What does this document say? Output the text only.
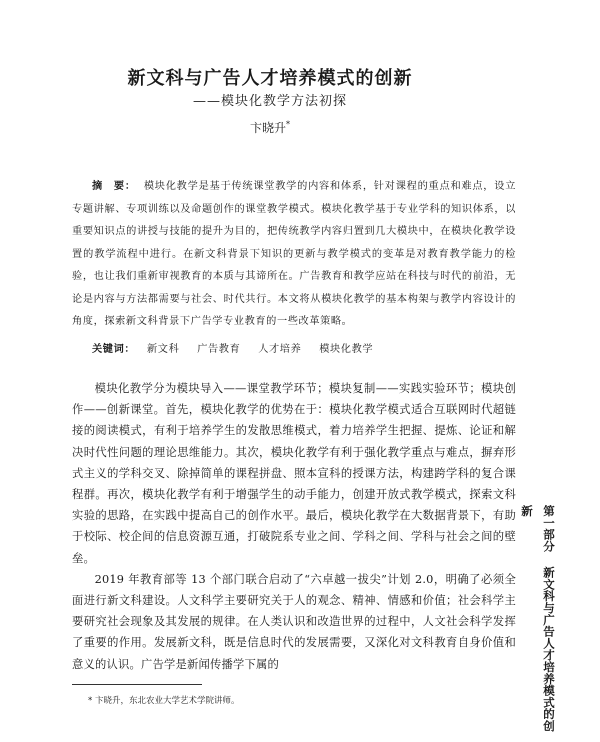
新文科与广告人才培养模式的创新
——模块化教学方法初探
卞晓升*
摘　要： 模块化教学是基于传统课堂教学的内容和体系，针对课程的重点和难点，设立专题讲解、专项训练以及命题创作的课堂教学模式。模块化教学基于专业学科的知识体系，以重要知识点的讲授与技能的提升为目的，把传统教学内容归置到几大模块中，在模块化教学设置的教学流程中进行。在新文科背景下知识的更新与教学模式的变革是对教育教学能力的检验，也让我们重新审视教育的本质与其谛所在。广告教育和教学应站在科技与时代的前沿，无论是内容与方法都需要与社会、时代共行。本文将从模块化教学的基本构架与教学内容设计的角度，探索新文科背景下广告学专业教育的一些改革策略。
关键词： 新文科 广告教育 人才培养 模块化教学

模块化教学分为模块导入——课堂教学环节；模块复制——实践实验环节；模块创作——创新课堂。首先，模块化教学的优势在于：模块化教学模式适合互联网时代超链接的阅读模式，有利于培养学生的发散思维模式，着力培养学生把握、提炼、论证和解决时代性问题的理论思维能力。其次，模块化教学有利于强化教学重点与难点，摒弃形式主义的学科交叉、除掉简单的课程拼盘、照本宣科的授课方法，构建跨学科的复合课程群。再次，模块化教学有利于增强学生的动手能力，创建开放式教学模式，探索文科实验的思路，在实践中提高自己的创作水平。最后，模块化教学在大数据背景下，有助于校际、校企间的信息资源互通，打破院系专业之间、学科之间、学科与社会之间的壁垒。

2019 年教育部等 13 个部门联合启动了“六卓越一拔尖”计划 2.0，明确了必须全面进行新文科建设。人文科学主要研究关于人的观念、精神、情感和价值；社会科学主要研究社会现象及其发展的规律。在人类认识和改造世界的过程中，人文社会科学发挥了重要的作用。发展新文科，既是信息时代的发展需要，又深化对文科教育自身价值和意义的认识。广告学是新闻传播学下属的

* 卞晓升，东北农业大学艺术学院讲师。
第一部分 新文科与广告人才培养模式的创新
